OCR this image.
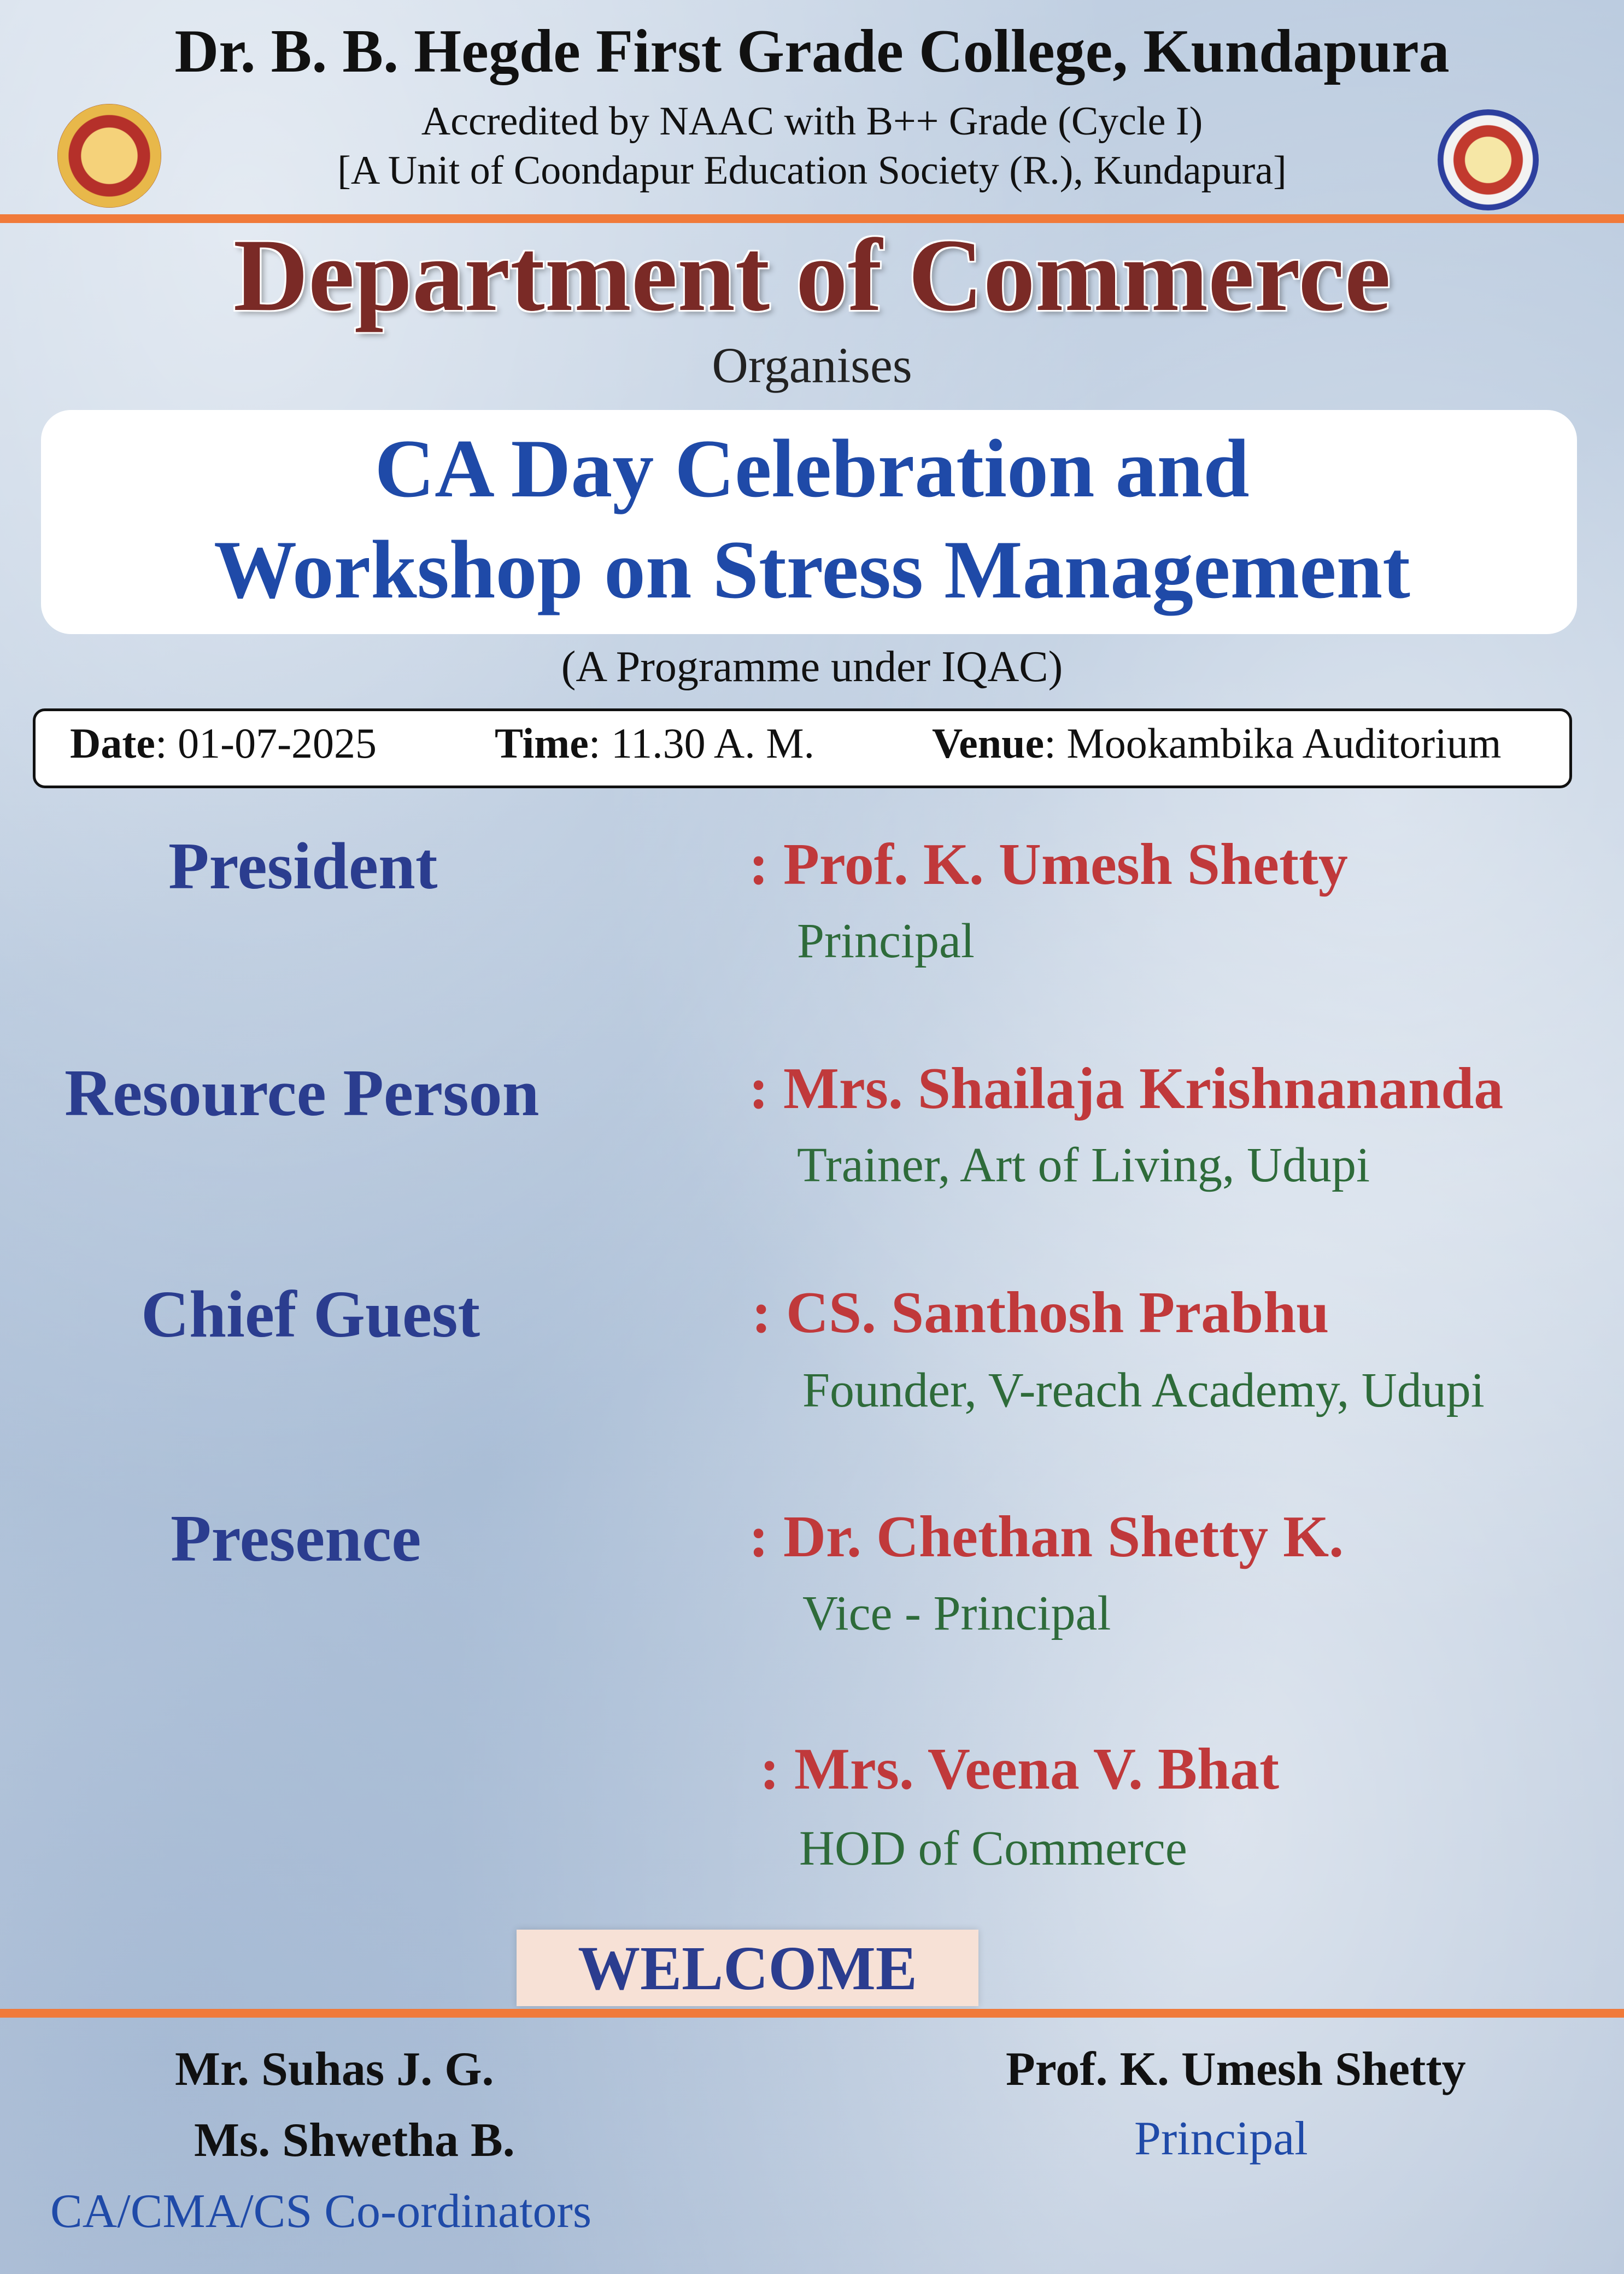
Dr. B. B. Hegde First Grade College, Kundapura
Accredited by NAAC with B++ Grade (Cycle I)
[A Unit of Coondapur Education Society (R.), Kundapura]
Department of Commerce
Organises
CA Day Celebration and
Workshop on Stress Management
(A Programme under IQAC)
Date: 01-07-2025	Time: 11.30 A. M.	Venue: Mookambika Auditorium
President	: Prof. K. Umesh Shetty
Principal
Resource Person	: Mrs. Shailaja Krishnananda
Trainer, Art of Living, Udupi
Chief Guest	: CS. Santhosh Prabhu
Founder, V-reach Academy, Udupi
Presence	: Dr. Chethan Shetty K.
Vice - Principal
: Mrs. Veena V. Bhat
HOD of Commerce
WELCOME
Mr. Suhas J. G.
Ms. Shwetha B.
CA/CMA/CS Co-ordinators
Prof. K. Umesh Shetty
Principal
